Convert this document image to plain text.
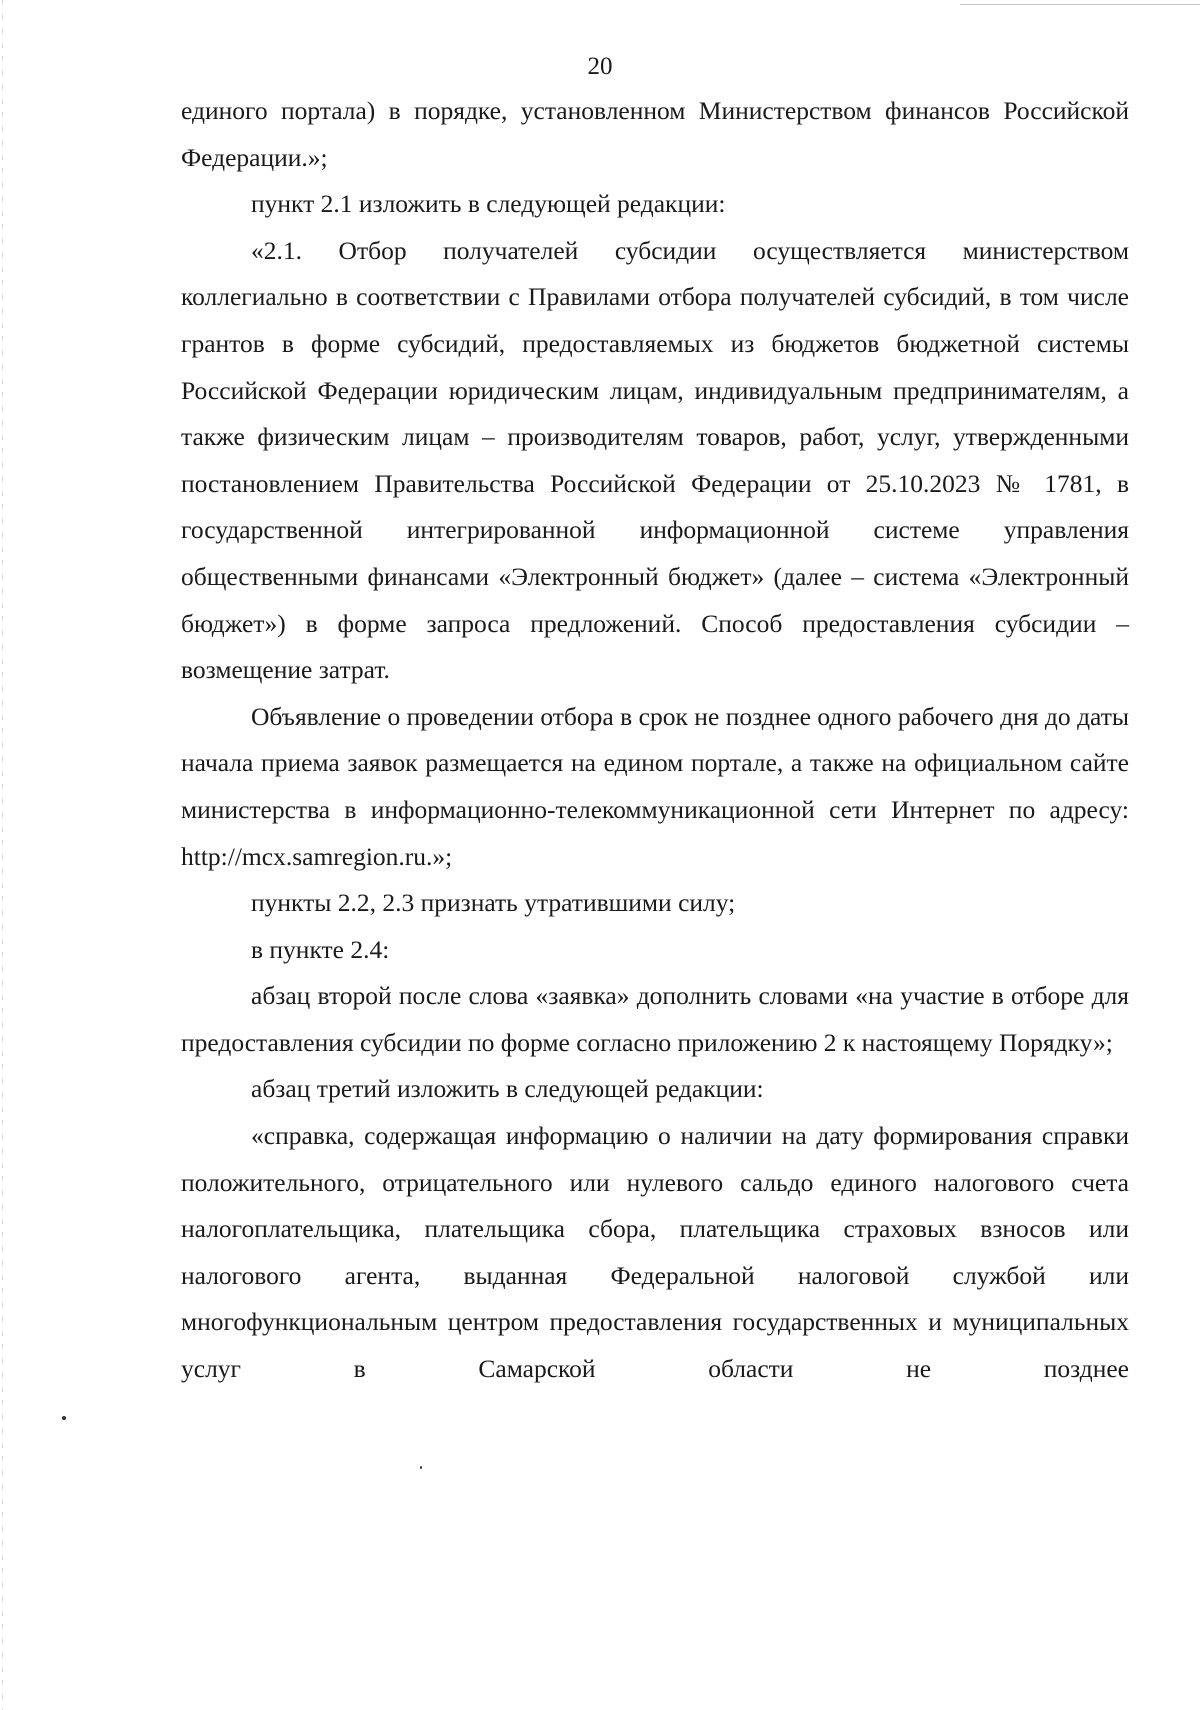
20

единого портала) в порядке, установленном Министерством финансов Российской Федерации.»;

пункт 2.1 изложить в следующей редакции:

«2.1. Отбор получателей субсидии осуществляется министерством коллегиально в соответствии с Правилами отбора получателей субсидий, в том числе грантов в форме субсидий, предоставляемых из бюджетов бюджетной системы Российской Федерации юридическим лицам, индивидуальным предпринимателям, а также физическим лицам – производителям товаров, работ, услуг, утвержденными постановлением Правительства Российской Федерации от 25.10.2023 № 1781, в государственной интегрированной информационной системе управления общественными финансами «Электронный бюджет» (далее – система «Электронный бюджет») в форме запроса предложений. Способ предоставления субсидии – возмещение затрат.

Объявление о проведении отбора в срок не позднее одного рабочего дня до даты начала приема заявок размещается на едином портале, а также на официальном сайте министерства в информационно-телекоммуникационной сети Интернет по адресу: http://mcx.samregion.ru.»;

пункты 2.2, 2.3 признать утратившими силу;

в пункте 2.4:

абзац второй после слова «заявка» дополнить словами «на участие в отборе для предоставления субсидии по форме согласно приложению 2 к настоящему Порядку»;

абзац третий изложить в следующей редакции:

«справка, содержащая информацию о наличии на дату формирования справки положительного, отрицательного или нулевого сальдо единого налогового счета налогоплательщика, плательщика сбора, плательщика страховых взносов или налогового агента, выданная Федеральной налоговой службой или многофункциональным центром предоставления государственных и муниципальных услуг в Самарской области не позднее
